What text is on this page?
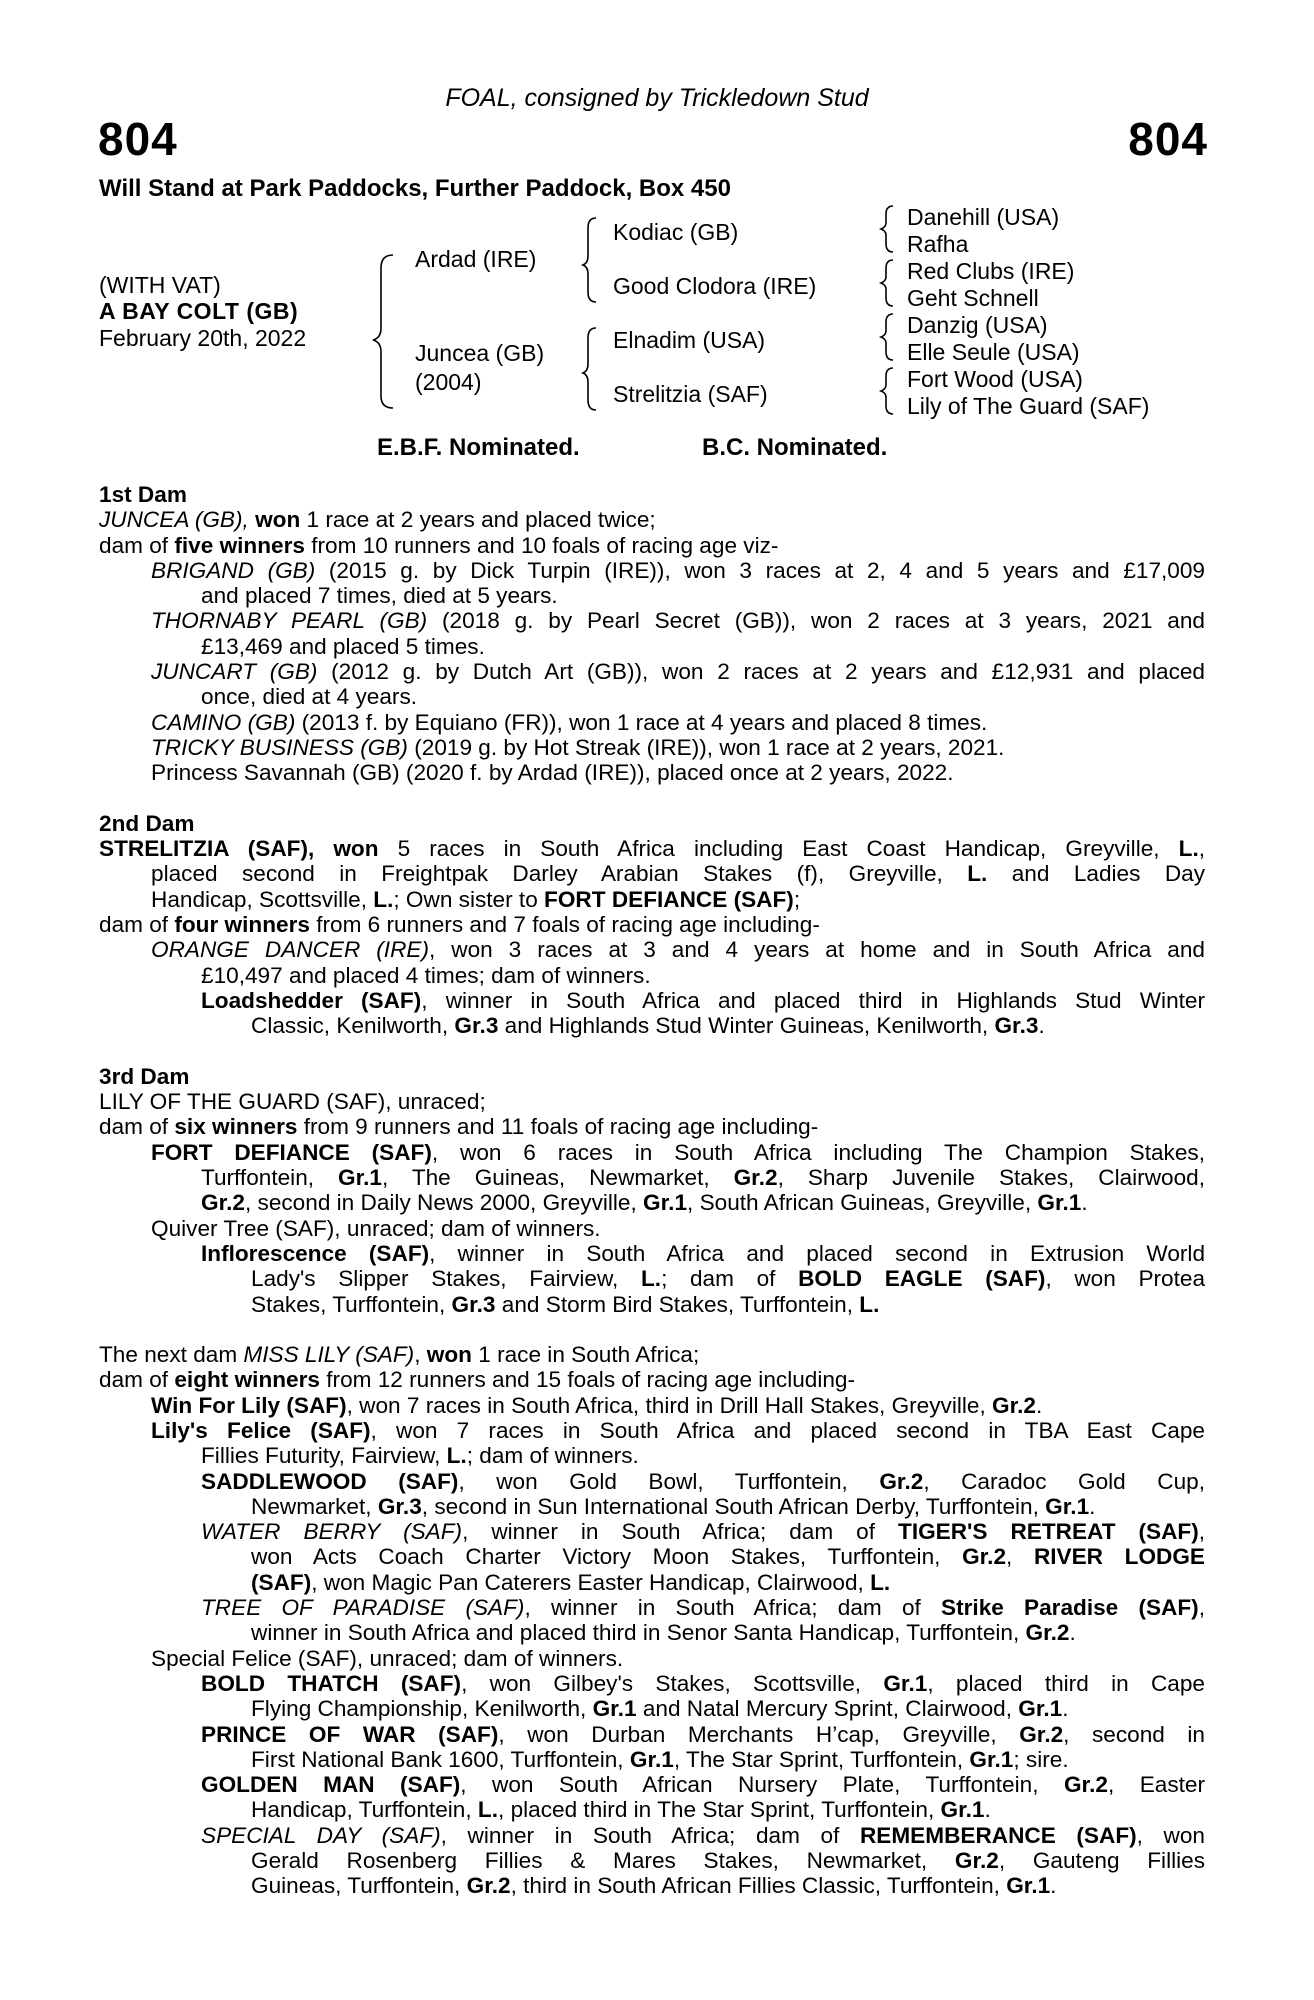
FOAL, consigned by Trickledown Stud
804	804
Will Stand at Park Paddocks, Further Paddock, Box 450
(WITH VAT)
A BAY COLT (GB)
February 20th, 2022
Ardad (IRE)
Juncea (GB)
(2004)
Kodiac (GB)
Good Clodora (IRE)
Elnadim (USA)
Strelitzia (SAF)
Danehill (USA)
Rafha
Red Clubs (IRE)
Geht Schnell
Danzig (USA)
Elle Seule (USA)
Fort Wood (USA)
Lily of The Guard (SAF)
E.B.F. Nominated.	B.C. Nominated.
1st Dam
JUNCEA (GB), won 1 race at 2 years and placed twice;
dam of five winners from 10 runners and 10 foals of racing age viz-
BRIGAND (GB) (2015 g. by Dick Turpin (IRE)), won 3 races at 2, 4 and 5 years and £17,009
and placed 7 times, died at 5 years.
THORNABY PEARL (GB) (2018 g. by Pearl Secret (GB)), won 2 races at 3 years, 2021 and
£13,469 and placed 5 times.
JUNCART (GB) (2012 g. by Dutch Art (GB)), won 2 races at 2 years and £12,931 and placed
once, died at 4 years.
CAMINO (GB) (2013 f. by Equiano (FR)), won 1 race at 4 years and placed 8 times.
TRICKY BUSINESS (GB) (2019 g. by Hot Streak (IRE)), won 1 race at 2 years, 2021.
Princess Savannah (GB) (2020 f. by Ardad (IRE)), placed once at 2 years, 2022.
2nd Dam
STRELITZIA (SAF), won 5 races in South Africa including East Coast Handicap, Greyville, L.,
placed second in Freightpak Darley Arabian Stakes (f), Greyville, L. and Ladies Day
Handicap, Scottsville, L.; Own sister to FORT DEFIANCE (SAF);
dam of four winners from 6 runners and 7 foals of racing age including-
ORANGE DANCER (IRE), won 3 races at 3 and 4 years at home and in South Africa and
£10,497 and placed 4 times; dam of winners.
Loadshedder (SAF), winner in South Africa and placed third in Highlands Stud Winter
Classic, Kenilworth, Gr.3 and Highlands Stud Winter Guineas, Kenilworth, Gr.3.
3rd Dam
LILY OF THE GUARD (SAF), unraced;
dam of six winners from 9 runners and 11 foals of racing age including-
FORT DEFIANCE (SAF), won 6 races in South Africa including The Champion Stakes,
Turffontein, Gr.1, The Guineas, Newmarket, Gr.2, Sharp Juvenile Stakes, Clairwood,
Gr.2, second in Daily News 2000, Greyville, Gr.1, South African Guineas, Greyville, Gr.1.
Quiver Tree (SAF), unraced; dam of winners.
Inflorescence (SAF), winner in South Africa and placed second in Extrusion World
Lady's Slipper Stakes, Fairview, L.; dam of BOLD EAGLE (SAF), won Protea
Stakes, Turffontein, Gr.3 and Storm Bird Stakes, Turffontein, L.
The next dam MISS LILY (SAF), won 1 race in South Africa;
dam of eight winners from 12 runners and 15 foals of racing age including-
Win For Lily (SAF), won 7 races in South Africa, third in Drill Hall Stakes, Greyville, Gr.2.
Lily's Felice (SAF), won 7 races in South Africa and placed second in TBA East Cape
Fillies Futurity, Fairview, L.; dam of winners.
SADDLEWOOD (SAF), won Gold Bowl, Turffontein, Gr.2, Caradoc Gold Cup,
Newmarket, Gr.3, second in Sun International South African Derby, Turffontein, Gr.1.
WATER BERRY (SAF), winner in South Africa; dam of TIGER'S RETREAT (SAF),
won Acts Coach Charter Victory Moon Stakes, Turffontein, Gr.2, RIVER LODGE
(SAF), won Magic Pan Caterers Easter Handicap, Clairwood, L.
TREE OF PARADISE (SAF), winner in South Africa; dam of Strike Paradise (SAF),
winner in South Africa and placed third in Senor Santa Handicap, Turffontein, Gr.2.
Special Felice (SAF), unraced; dam of winners.
BOLD THATCH (SAF), won Gilbey's Stakes, Scottsville, Gr.1, placed third in Cape
Flying Championship, Kenilworth, Gr.1 and Natal Mercury Sprint, Clairwood, Gr.1.
PRINCE OF WAR (SAF), won Durban Merchants H’cap, Greyville, Gr.2, second in
First National Bank 1600, Turffontein, Gr.1, The Star Sprint, Turffontein, Gr.1; sire.
GOLDEN MAN (SAF), won South African Nursery Plate, Turffontein, Gr.2, Easter
Handicap, Turffontein, L., placed third in The Star Sprint, Turffontein, Gr.1.
SPECIAL DAY (SAF), winner in South Africa; dam of REMEMBERANCE (SAF), won
Gerald Rosenberg Fillies & Mares Stakes, Newmarket, Gr.2, Gauteng Fillies
Guineas, Turffontein, Gr.2, third in South African Fillies Classic, Turffontein, Gr.1.
